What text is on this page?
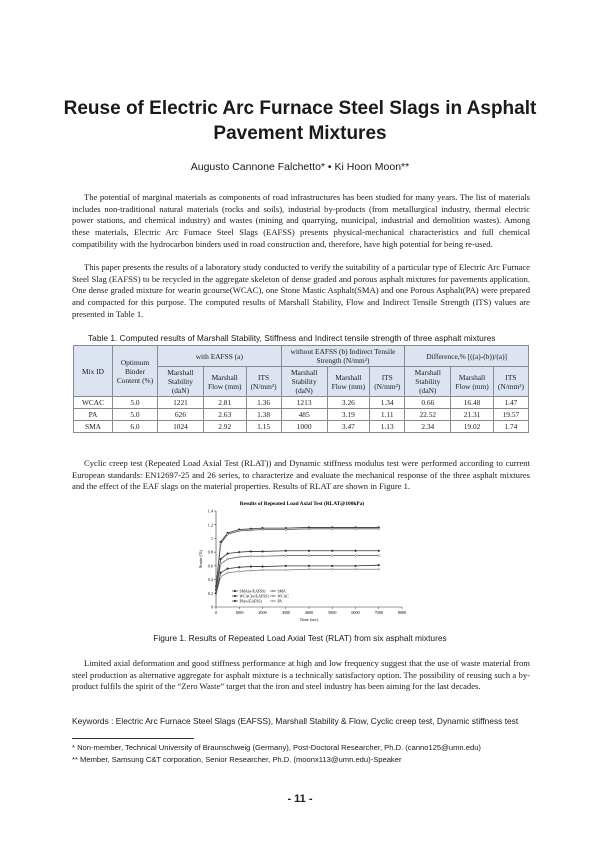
Reuse of Electric Arc Furnace Steel Slags in Asphalt
Pavement Mixtures
Augusto Cannone Falchetto* • Ki Hoon Moon**

The potential of marginal materials as components of road infrastructures has been studied for many years. The list of materials includes non-traditional natural materials (rocks and soils), industrial by-products (from metallurgical industry, thermal electric power stations, and chemical industry) and wastes (mining and quarrying, municipal, industrial and demolition wastes). Among these materials, Electric Arc Furnace Steel Slags (EAFSS) presents physical-mechanical characteristics and full chemical compatibility with the hydrocarbon binders used in road construction and, therefore, have high potential for being re-used.

This paper presents the results of a laboratory study conducted to verify the suitability of a particular type of Electric Arc Furnace Steel Slag (EAFSS) to be recycled in the aggregate skeleton of dense graded and porous asphalt mixtures for pavements application. One dense graded mixture for wearin gcourse(WCAC), one Stone Mastic Asphalt(SMA) and one Porous Asphalt(PA) were prepared and compacted for this purpose. The computed results of Marshall Stability, Flow and Indirect Tensile Strength (ITS) values are presented in Table 1.

Table 1. Computed results of Marshall Stability, Stiffness and Indirect tensile strength of three asphalt mixtures
Mix ID	Optimum Binder Content (%)	with EAFSS (a)			without EAFSS (b) Indirect Tensile Strength (N/mm²)			Difference,% [((a)-(b))/(a)]		
		Marshall Stability (daN)	Marshall Flow (mm)	ITS (N/mm²)	Marshall Stability (daN)	Marshall Flow (mm)	ITS (N/mm²)	Marshall Stability (daN)	Marshall Flow (mm)	ITS (N/mm²)
WCAC	5.0	1221	2.81	1.36	1213	3.26	1.34	0.66	16.48	1.47
PA	5.0	626	2.63	1.38	485	3.19	1.11	22.52	21.31	19.57
SMA	6.0	1024	2.92	1.15	1000	3.47	1.13	2.34	19.02	1.74

Cyclic creep test (Repeated Load Axial Test (RLAT)) and Dynamic stiffness modulus test were performed according to current European standards: EN12697-25 and 26 series, to characterize and evaluate the mechanical response of the three asphalt mixtures and the effect of the EAF slags on the material properties. Results of RLAT are shown in Figure 1.

Results of Repeated Load Axial Test (RLAT@100kPa)
0
0.2
0.4
0.6
0.8
1
1.2
1.4
0	1000	2000	3000	4000	5000	6000	7000	8000
Time (sec)
Strain (%)
SMA(w/EAFSS)	SMA
WCAC(w/EAFSS) WCAC
PA(w/EAFSS)	PA
Figure 1. Results of Repeated Load Axial Test (RLAT) from six asphalt mixtures

Limited axial deformation and good stiffness performance at high and low frequency suggest that the use of waste material from steel production as alternative aggregate for asphalt mixture is a technically satisfactory option. The possibility of reusing such a by-product fulfils the spirit of the “Zero Waste” target that the iron and steel industry has been aiming for the last decades.

Keywords : Electric Arc Furnace Steel Slags (EAFSS), Marshall Stability & Flow, Cyclic creep test, Dynamic stiffness test
* Non-member, Technical University of Braunschweig (Germany), Post-Doctoral Researcher, Ph.D. (canno125@umn.edu)
** Member, Samsung C&T corporation, Senior Researcher, Ph.D. (moonx113@umn.edu)-Speaker
- 11 -
